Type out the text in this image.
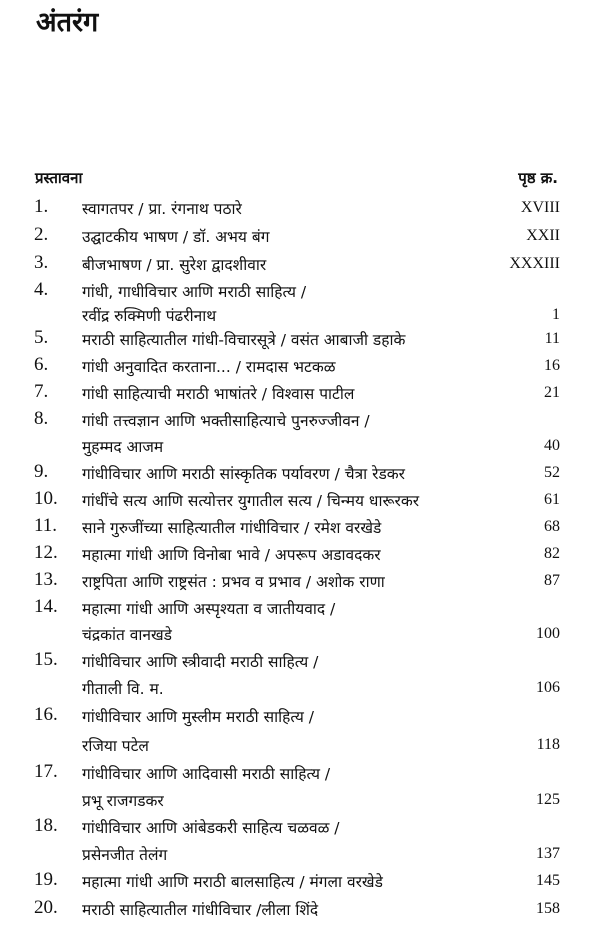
अंतरंग
प्रस्तावना	पृष्ठ क्र.
1. स्वागतपर / प्रा. रंगनाथ पठारे	XVIII
2. उद्घाटकीय भाषण / डॉ. अभय बंग	XXII
3. बीजभाषण / प्रा. सुरेश द्वादशीवार	XXXIII
4. गांधी, गाधीविचार आणि मराठी साहित्य /
रवींद्र रुक्मिणी पंढरीनाथ	1
5. मराठी साहित्यातील गांधी-विचारसूत्रे / वसंत आबाजी डहाके	11
6. गांधी अनुवादित करताना... / रामदास भटकळ	16
7. गांधी साहित्याची मराठी भाषांतरे / विश्वास पाटील	21
8. गांधी तत्त्वज्ञान आणि भक्तीसाहित्याचे पुनरुज्जीवन /
मुहम्मद आजम	40
9. गांधीविचार आणि मराठी सांस्कृतिक पर्यावरण / चैत्रा रेडकर	52
10. गांधींचे सत्य आणि सत्योत्तर युगातील सत्य / चिन्मय धारूरकर	61
11. साने गुरुजींच्या साहित्यातील गांधीविचार / रमेश वरखेडे	68
12. महात्मा गांधी आणि विनोबा भावे / अपरूप अडावदकर	82
13. राष्ट्रपिता आणि राष्ट्रसंत : प्रभव व प्रभाव / अशोक राणा	87
14. महात्मा गांधी आणि अस्पृश्यता व जातीयवाद /
चंद्रकांत वानखडे	100
15. गांधीविचार आणि स्त्रीवादी मराठी साहित्य /
गीताली वि. म.	106
16. गांधीविचार आणि मुस्लीम मराठी साहित्य /
रजिया पटेल	118
17. गांधीविचार आणि आदिवासी मराठी साहित्य /
प्रभू राजगडकर	125
18. गांधीविचार आणि आंबेडकरी साहित्य चळवळ /
प्रसेनजीत तेलंग	137
19. महात्मा गांधी आणि मराठी बालसाहित्य / मंगला वरखेडे	145
20. मराठी साहित्यातील गांधीविचार /लीला शिंदे	158
